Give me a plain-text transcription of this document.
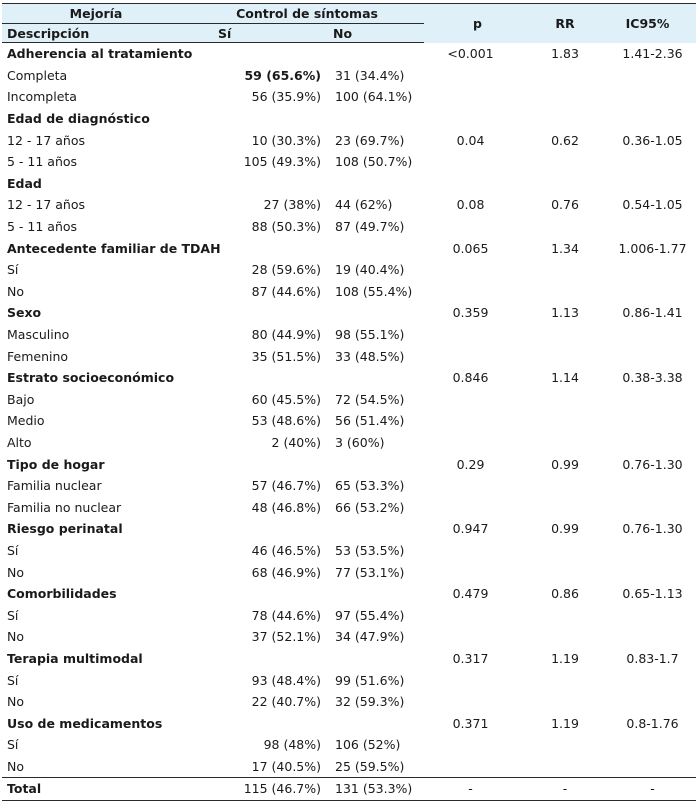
Mejoría	Control de síntomas		p	RR	IC95%
Descripción	Sí	No			
Adherencia al tratamiento			<0.001	1.83	1.41-2.36
Completa	59 (65.6%)	31 (34.4%)			
Incompleta	56 (35.9%)	100 (64.1%)			
Edad de diagnóstico					
12 - 17 años	10 (30.3%)	23 (69.7%)	0.04	0.62	0.36-1.05
5 - 11 años	105 (49.3%)	108 (50.7%)			
Edad					
12 - 17 años	27 (38%)	44 (62%)	0.08	0.76	0.54-1.05
5 - 11 años	88 (50.3%)	87 (49.7%)			
Antecedente familiar de TDAH			0.065	1.34	1.006-1.77
Sí	28 (59.6%)	19 (40.4%)			
No	87 (44.6%)	108 (55.4%)			
Sexo			0.359	1.13	0.86-1.41
Masculino	80 (44.9%)	98 (55.1%)			
Femenino	35 (51.5%)	33 (48.5%)			
Estrato socioeconómico			0.846	1.14	0.38-3.38
Bajo	60 (45.5%)	72 (54.5%)			
Medio	53 (48.6%)	56 (51.4%)			
Alto	2 (40%)	3 (60%)			
Tipo de hogar			0.29	0.99	0.76-1.30
Familia nuclear	57 (46.7%)	65 (53.3%)			
Familia no nuclear	48 (46.8%)	66 (53.2%)			
Riesgo perinatal			0.947	0.99	0.76-1.30
Sí	46 (46.5%)	53 (53.5%)			
No	68 (46.9%)	77 (53.1%)			
Comorbilidades			0.479	0.86	0.65-1.13
Sí	78 (44.6%)	97 (55.4%)			
No	37 (52.1%)	34 (47.9%)			
Terapia multimodal			0.317	1.19	0.83-1.7
Sí	93 (48.4%)	99 (51.6%)			
No	22 (40.7%)	32 (59.3%)			
Uso de medicamentos			0.371	1.19	0.8-1.76
Sí	98 (48%)	106 (52%)			
No	17 (40.5%)	25 (59.5%)			
Total	115 (46.7%)	131 (53.3%)	-	-	-
